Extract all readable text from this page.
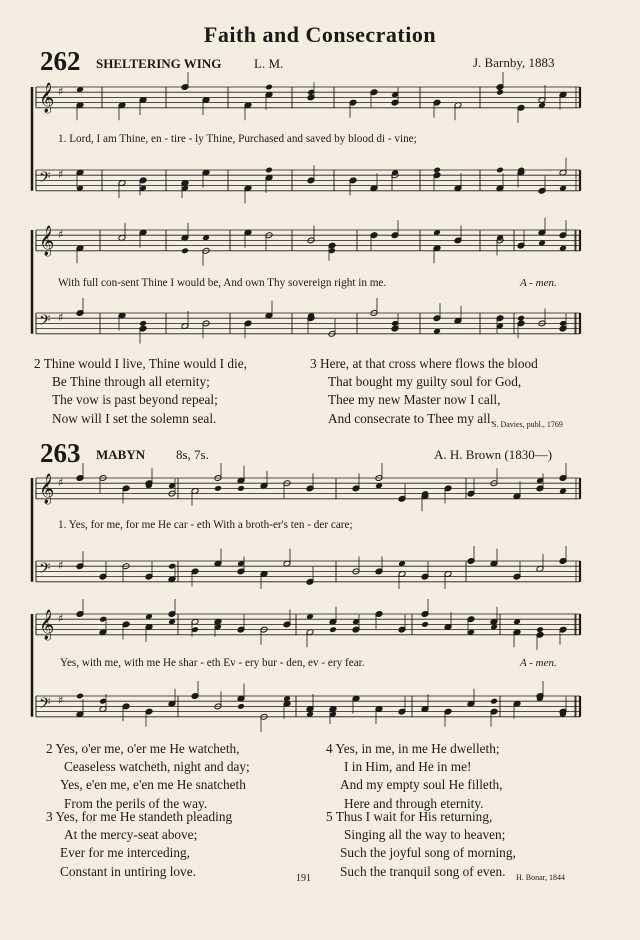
Faith and Consecration
262 SHELTERING WING	L. M.	J. Barnby, 1883
𝄞 ♯
𝄢 ♯
𝄞 ♯
𝄢 ♯
1. Lord, I am Thine, en - tire - ly Thine, Purchased and saved by blood di - vine;
With full con-sent Thine I would be, And own Thy sovereign right in me.	A - men.
2 Thine would I live, Thine would I die,
Be Thine through all eternity;
The vow is past beyond repeal;
Now will I set the solemn seal.
3 Here, at that cross where flows the blood
That bought my guilty soul for God,
Thee my new Master now I call,
And consecrate to Thee my all.
S. Davies, publ., 1769
263 MABYN 8s, 7s.	A. H. Brown (1830—)
𝄞 ♯
𝄢 ♯
𝄞 ♯
𝄢 ♯
1. Yes, for me, for me He car - eth With a broth-er's ten - der care;
Yes, with me, with me He shar - eth Ev - ery bur - den, ev - ery fear.	A - men.
2 Yes, o'er me, o'er me He watcheth,
Ceaseless watcheth, night and day;
Yes, e'en me, e'en me He snatcheth
From the perils of the way.
3 Yes, for me He standeth pleading
At the mercy-seat above;
Ever for me interceding,
Constant in untiring love.
4 Yes, in me, in me He dwelleth;
I in Him, and He in me!
And my empty soul He filleth,
Here and through eternity.
5 Thus I wait for His returning,
Singing all the way to heaven;
Such the joyful song of morning,
Such the tranquil song of even.	H. Bonar, 1844
191
